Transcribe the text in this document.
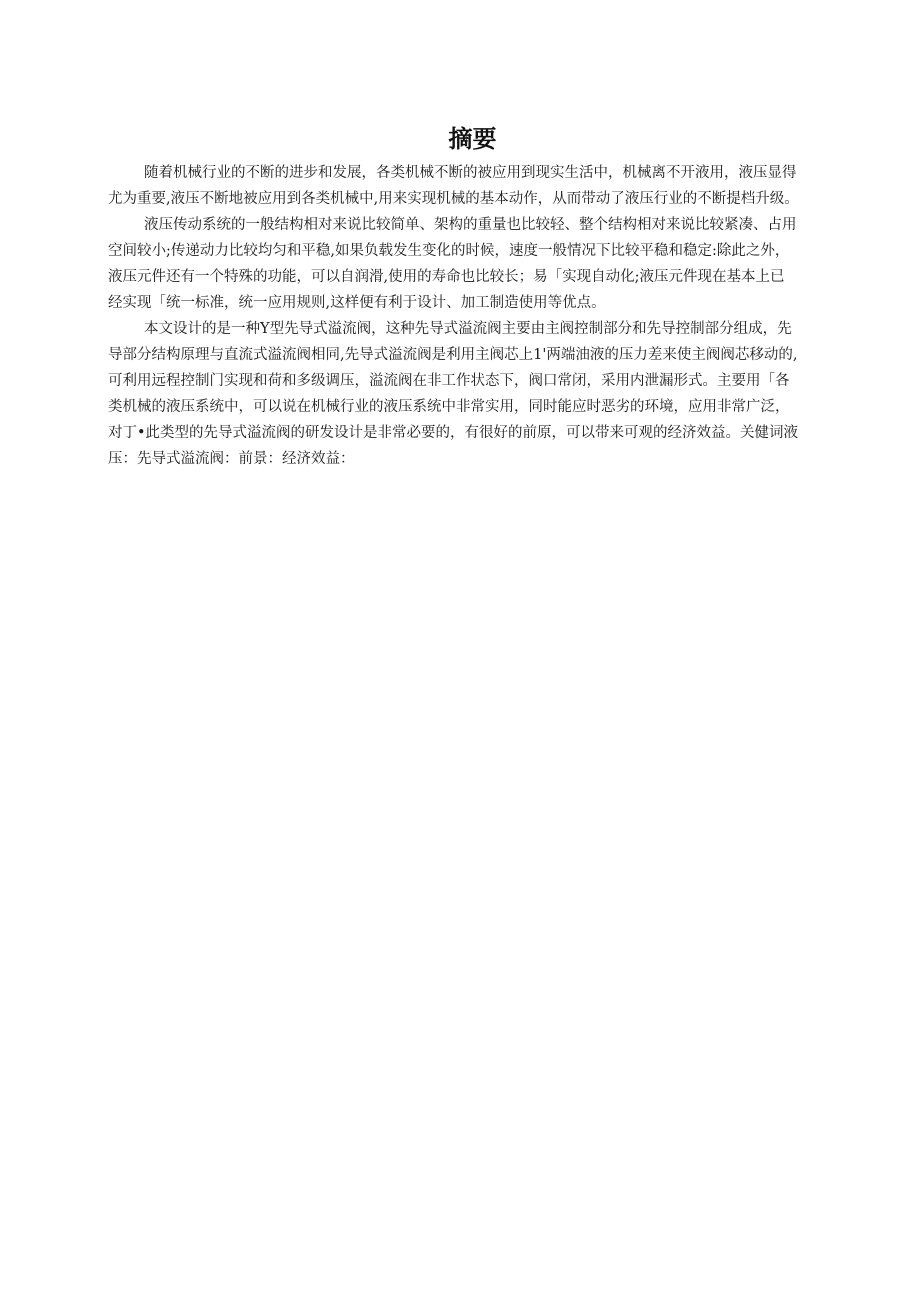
摘要
随着机械行业的不断的进步和发展，各类机械不断的被应用到现实生活中，机械离不开液用，液压显得
尤为重要,液压不断地被应用到各类机械中,用来实现机械的基本动作，从而带动了液压行业的不断提档升级。
液压传动系统的一般结构相对来说比较简单、架构的重量也比较轻、整个结构相对来说比较紧凑、占用
空间较小;传递动力比较均匀和平稳,如果负载发生变化的时候，速度一般情况下比较平稳和稳定:除此之外，
液压元件还有一个特殊的功能，可以自润滑,使用的寿命也比较长；易「实现自动化;液压元件现在基本上已
经实现「统一标准，统一应用规则,这样便有利于设计、加工制造使用等优点。
本文设计的是一种Y型先导式溢流阀，这种先导式溢流阀主要由主阀控制部分和先导控制部分组成，先
导部分结构原理与直流式溢流阀相同,先导式溢流阀是利用主阀芯上1'两端油液的压力差来使主阀阀芯移动的,
可利用远程控制门实现和荷和多级调压，溢流阀在非工作状态下，阀口常闭，采用内泄漏形式。主要用「各
类机械的液压系统中，可以说在机械行业的液压系统中非常实用，同时能应时恶劣的环境，应用非常广泛，
对丁•此类型的先导式溢流阀的研发设计是非常必要的，有很好的前原，可以带来可观的经济效益。关健词液
压：先导式溢流阀：前景：经济效益：
